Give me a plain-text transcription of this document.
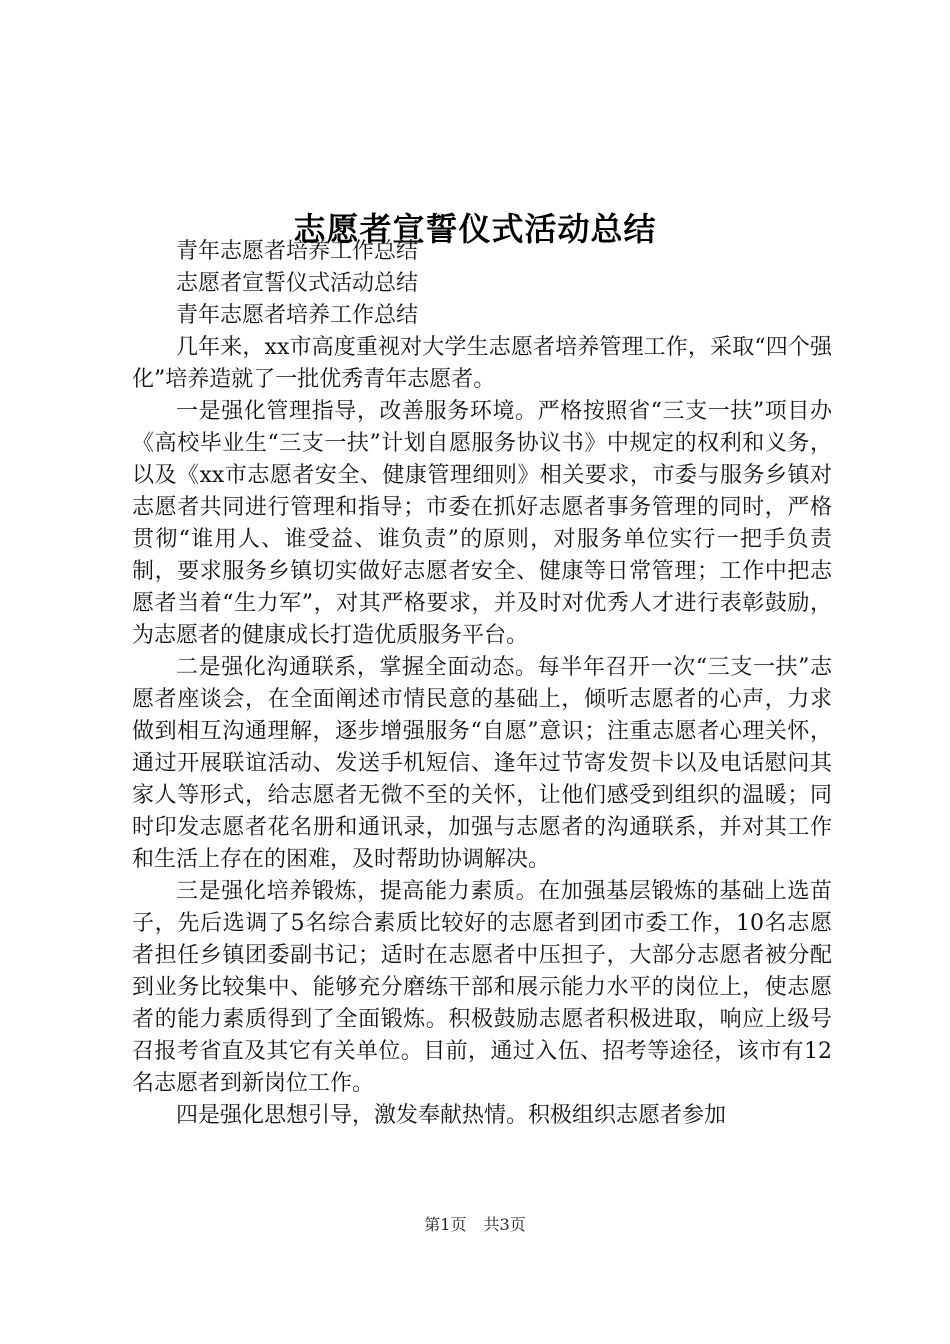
志愿者宣誓仪式活动总结

青年志愿者培养工作总结

志愿者宣誓仪式活动总结

青年志愿者培养工作总结

几年来，xx市高度重视对大学生志愿者培养管理工作，采取“四个强化”培养造就了一批优秀青年志愿者。

一是强化管理指导，改善服务环境。严格按照省“三支一扶”项目办《高校毕业生“三支一扶”计划自愿服务协议书》中规定的权利和义务，以及《xx市志愿者安全、健康管理细则》相关要求，市委与服务乡镇对志愿者共同进行管理和指导；市委在抓好志愿者事务管理的同时，严格贯彻“谁用人、谁受益、谁负责”的原则，对服务单位实行一把手负责制，要求服务乡镇切实做好志愿者安全、健康等日常管理；工作中把志愿者当着“生力军”，对其严格要求，并及时对优秀人才进行表彰鼓励，为志愿者的健康成长打造优质服务平台。

二是强化沟通联系，掌握全面动态。每半年召开一次“三支一扶”志愿者座谈会，在全面阐述市情民意的基础上，倾听志愿者的心声，力求做到相互沟通理解，逐步增强服务“自愿”意识；注重志愿者心理关怀，通过开展联谊活动、发送手机短信、逢年过节寄发贺卡以及电话慰问其家人等形式，给志愿者无微不至的关怀，让他们感受到组织的温暖；同时印发志愿者花名册和通讯录，加强与志愿者的沟通联系，并对其工作和生活上存在的困难，及时帮助协调解决。

三是强化培养锻炼，提高能力素质。在加强基层锻炼的基础上选苗子，先后选调了5名综合素质比较好的志愿者到团市委工作，10名志愿者担任乡镇团委副书记；适时在志愿者中压担子，大部分志愿者被分配到业务比较集中、能够充分磨练干部和展示能力水平的岗位上，使志愿者的能力素质得到了全面锻炼。积极鼓励志愿者积极进取，响应上级号召报考省直及其它有关单位。目前，通过入伍、招考等途径，该市有12名志愿者到新岗位工作。

四是强化思想引导，激发奉献热情。积极组织志愿者参加

第1页 共3页
